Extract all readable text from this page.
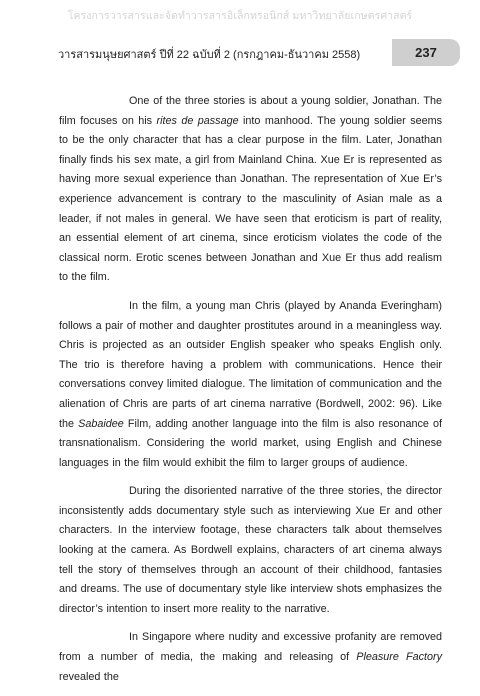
โครงการวารสารและจัดทำวารสารอิเล็กทรอนิกส์ มหาวิทยาลัยเกษตรศาสตร์
วารสารมนุษยศาสตร์ ปีที่ 22 ฉบับที่ 2 (กรกฎาคม-ธันวาคม 2558)	237

One of the three stories is about a young soldier, Jonathan. The film focuses on his rites de passage into manhood. The young soldier seems to be the only character that has a clear purpose in the film. Later, Jonathan finally finds his sex mate, a girl from Mainland China. Xue Er is represented as having more sexual experience than Jonathan. The representation of Xue Er’s experience advancement is contrary to the masculinity of Asian male as a leader, if not males in general. We have seen that eroticism is part of reality, an essential element of art cinema, since eroticism violates the code of the classical norm. Erotic scenes between Jonathan and Xue Er thus add realism to the film.

In the film, a young man Chris (played by Ananda Everingham) follows a pair of mother and daughter prostitutes around in a meaningless way. Chris is projected as an outsider English speaker who speaks English only. The trio is therefore having a problem with communications. Hence their conversations convey limited dialogue. The limitation of communication and the alienation of Chris are parts of art cinema narrative (Bordwell, 2002: 96). Like the Sabaidee Film, adding another language into the film is also resonance of transnationalism. Considering the world market, using English and Chinese languages in the film would exhibit the film to larger groups of audience.

During the disoriented narrative of the three stories, the director inconsistently adds documentary style such as interviewing Xue Er and other characters. In the interview footage, these characters talk about themselves looking at the camera. As Bordwell explains, characters of art cinema always tell the story of themselves through an account of their childhood, fantasies and dreams. The use of documentary style like interview shots emphasizes the director’s intention to insert more reality to the narrative.

In Singapore where nudity and excessive profanity are removed from a number of media, the making and releasing of Pleasure Factory revealed the
